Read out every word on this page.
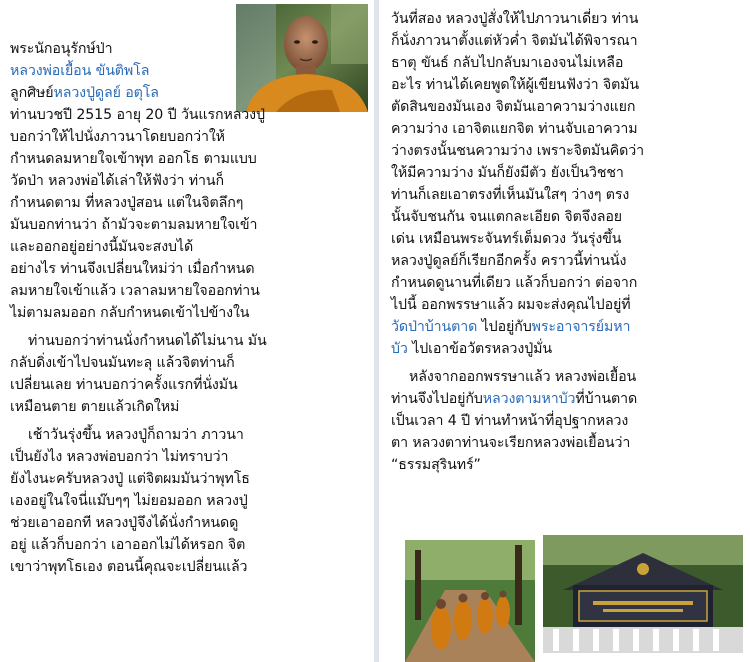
พระนักอนุรักษ์ป่า
หลวงพ่อเยื้อน ขันติพโล
ลูกศิษย์หลวงปู่ดูลย์ อตุโล
ท่านบวชปี 2515 อายุ 20 ปี วันแรกหลวงปู่
บอกว่าให้ไปนั่งภาวนาโดยบอกว่าให้
กำหนดลมหายใจเข้าพุท ออกโธ ตามแบบ
วัดป่า หลวงพ่อได้เล่าให้ฟังว่า ท่านก็
กำหนดตาม ที่หลวงปู่สอน แต่ในจิตลึกๆ
มันบอกท่านว่า ถ้ามัวจะตามลมหายใจเข้า
และออกอยู่อย่างนี้มันจะสงบได้
อย่างไร ท่านจึงเปลี่ยนใหม่ว่า เมื่อกำหนด
ลมหายใจเข้าแล้ว เวลาลมหายใจออกท่าน
ไม่ตามลมออก กลับกำหนดเข้าไปข้างใน
ท่านบอกว่าท่านนั่งกำหนดได้ไม่นาน มัน
กลับดิ่งเข้าไปจนมันทะลุ แล้วจิตท่านก็
เปลี่ยนเลย ท่านบอกว่าครั้งแรกที่นั่งมัน
เหมือนตาย ตายแล้วเกิดใหม่
เช้าวันรุ่งขึ้น หลวงปู่ก็ถามว่า ภาวนา
เป็นยังไง หลวงพ่อบอกว่า ไม่ทราบว่า
ยังไงนะครับหลวงปู่ แต่จิตผมมันว่าพุทโธ
เองอยู่ในใจนี่แม๊บๆๆ ไม่ยอมออก หลวงปู่
ช่วยเอาออกที หลวงปู่จึงได้นั่งกำหนดดู
อยู่ แล้วก็บอกว่า เอาออกไม่ได้หรอก จิต
เขาว่าพุทโธเอง ตอนนี้คุณจะเปลี่ยนแล้ว
วันที่สอง หลวงปู่สั่งให้ไปภาวนาเดี่ยว ท่าน
ก็นั่งภาวนาตั้งแต่หัวค่ำ จิตมันได้พิจารณา
ธาตุ ขันธ์ กลับไปกลับมาเองจนไม่เหลือ
อะไร ท่านได้เคยพูดให้ผู้เขียนฟังว่า จิตมัน
ตัดสินของมันเอง จิตมันเอาความว่างแยก
ความว่าง เอาจิตแยกจิต ท่านจับเอาความ
ว่างตรงนั้นชนความว่าง เพราะจิตมันคิดว่า
ให้มีความว่าง มันก็ยังมีตัว ยังเป็นวิชชา
ท่านก็เลยเอาตรงที่เห็นมันใสๆ ว่างๆ ตรง
นั้นจับชนกัน จนแตกละเอียด จิตจึงลอย
เด่น เหมือนพระจันทร์เต็มดวง วันรุ่งขึ้น
หลวงปู่ดูลย์ก็เรียกอีกครั้ง คราวนี้ท่านนั่ง
กำหนดดูนานที่เดียว แล้วก็บอกว่า ต่อจาก
ไปนี้ ออกพรรษาแล้ว ผมจะส่งคุณไปอยู่ที่
วัดป่าบ้านตาด ไปอยู่กับพระอาจารย์มหา
บัว ไปเอาข้อวัตรหลวงปู่มั่น
หลังจากออกพรรษาแล้ว หลวงพ่อเยื้อน
ท่านจึงไปอยู่กับหลวงตามหาบัวที่บ้านตาด
เป็นเวลา 4 ปี ท่านทำหน้าที่อุปฐากหลวง
ตา หลวงตาท่านจะเรียกหลวงพ่อเยื้อนว่า
“ธรรมสุรินทร์”
